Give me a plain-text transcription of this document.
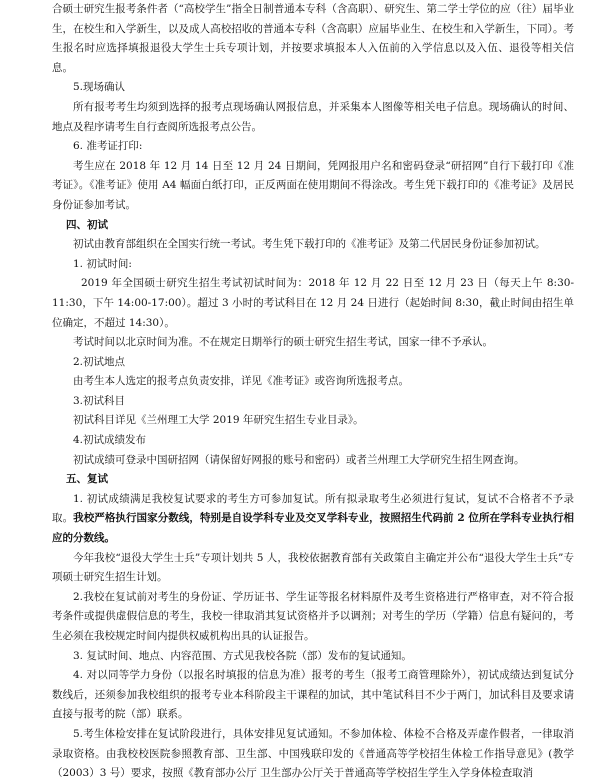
合硕士研究生报考条件者（“高校学生”指全日制普通本专科（含高职）、研究生、第二学士学位的应（往）届毕业生，在校生和入学新生，以及成人高校招收的普通本专科（含高职）应届毕业生、在校生和入学新生，下同）。考生报名时应选择填报退役大学生士兵专项计划，并按要求填报本人入伍前的入学信息以及入伍、退役等相关信息。

5.现场确认

所有报考考生均须到选择的报考点现场确认网报信息，并采集本人图像等相关电子信息。现场确认的时间、地点及程序请考生自行查阅所选报考点公告。

6. 准考证打印:

考生应在 2018 年 12 月 14 日至 12 月 24 日期间，凭网报用户名和密码登录“研招网”自行下载打印《准考证》。《准考证》使用 A4 幅面白纸打印，正反两面在使用期间不得涂改。考生凭下载打印的《准考证》及居民身份证参加考试。

四、初试

初试由教育部组织在全国实行统一考试。考生凭下载打印的《准考证》及第二代居民身份证参加初试。

1. 初试时间:

2019 年全国硕士研究生招生考试初试时间为：2018 年 12 月 22 日至 12 月 23 日（每天上午 8:30-11:30，下午 14:00-17:00）。超过 3 小时的考试科目在 12 月 24 日进行（起始时间 8:30，截止时间由招生单位确定，不超过 14:30）。

考试时间以北京时间为准。不在规定日期举行的硕士研究生招生考试，国家一律不予承认。

2.初试地点

由考生本人选定的报考点负责安排，详见《准考证》或咨询所选报考点。

3.初试科目

初试科目详见《兰州理工大学 2019 年研究生招生专业目录》。

4.初试成绩发布

初试成绩可登录中国研招网（请保留好网报的账号和密码）或者兰州理工大学研究生招生网查询。

五、复试

1. 初试成绩满足我校复试要求的考生方可参加复试。所有拟录取考生必须进行复试，复试不合格者不予录取。我校严格执行国家分数线，特别是自设学科专业及交叉学科专业，按照招生代码前 2 位所在学科专业执行相应的分数线。

今年我校“退役大学生士兵”专项计划共 5 人，我校依据教育部有关政策自主确定并公布“退役大学生士兵”专项硕士研究生招生计划。

2.我校在复试前对考生的身份证、学历证书、学生证等报名材料原件及考生资格进行严格审查，对不符合报考条件或提供虚假信息的考生，我校一律取消其复试资格并予以调剂；对考生的学历（学籍）信息有疑问的，考生必须在我校规定时间内提供权威机构出具的认证报告。

3. 复试时间、地点、内容范围、方式见我校各院（部）发布的复试通知。

4. 对以同等学力身份（以报名时填报的信息为准）报考的考生（报考工商管理除外），初试成绩达到复试分数线后，还须参加我校组织的报考专业本科阶段主干课程的加试，其中笔试科目不少于两门，加试科目及要求请直接与报考的院（部）联系。

5.考生体检安排在复试阶段进行，具体安排见复试通知。不参加体检、体检不合格及弄虚作假者，一律取消录取资格。由我校校医院参照教育部、卫生部、中国残联印发的《普通高等学校招生体检工作指导意见》(教学（2003）3 号）要求，按照《教育部办公厅 卫生部办公厅关于普通高等学校招生学生入学身体检查取消
